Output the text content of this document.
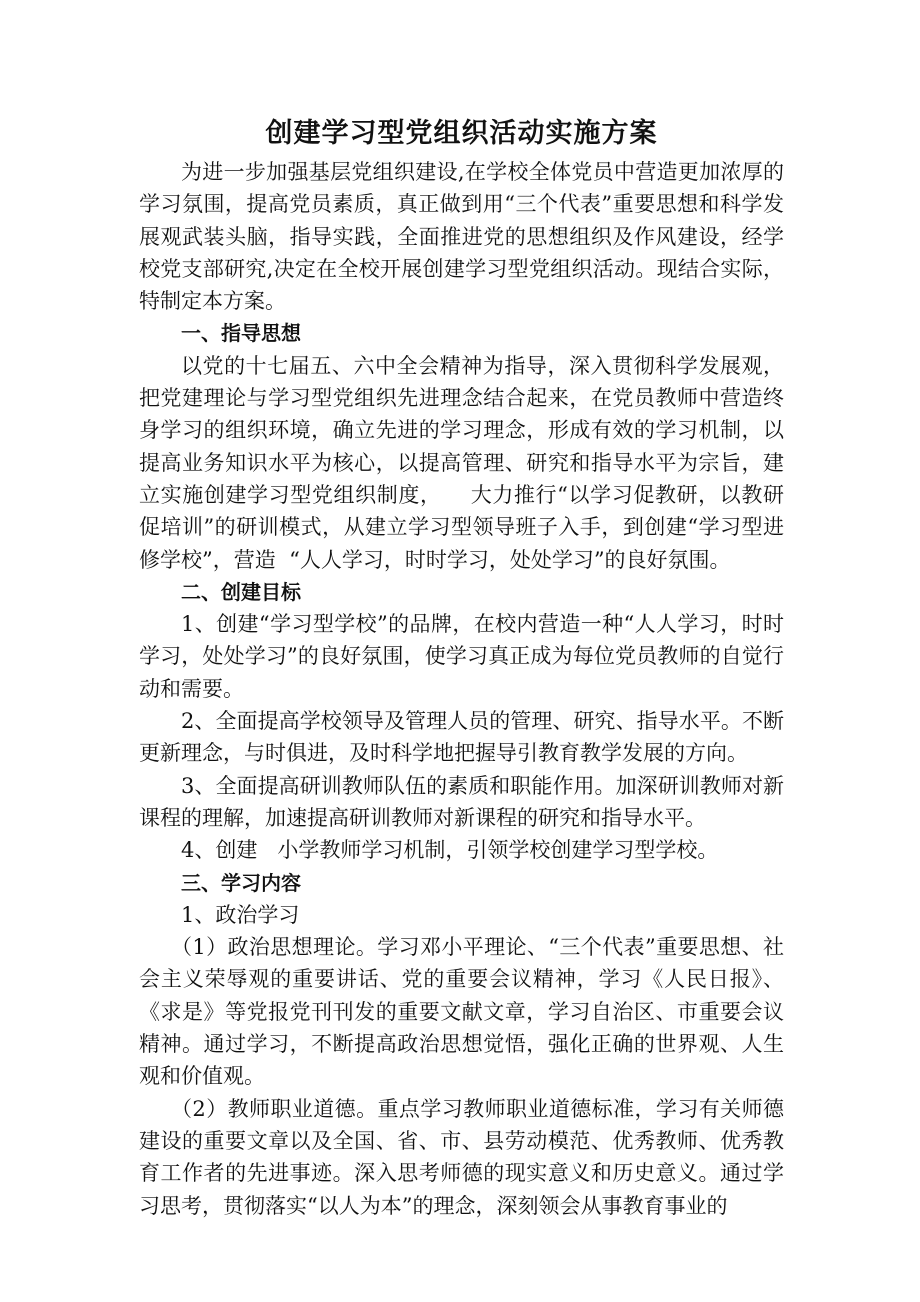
创建学习型党组织活动实施方案

为进一步加强基层党组织建设,在学校全体党员中营造更加浓厚的学习氛围，提高党员素质，真正做到用“三个代表”重要思想和科学发展观武装头脑，指导实践，全面推进党的思想组织及作风建设，经学校党支部研究,决定在全校开展创建学习型党组织活动。现结合实际，特制定本方案。

一、指导思想

以党的十七届五、六中全会精神为指导，深入贯彻科学发展观，把党建理论与学习型党组织先进理念结合起来，在党员教师中营造终身学习的组织环境，确立先进的学习理念，形成有效的学习机制，以提高业务知识水平为核心，以提高管理、研究和指导水平为宗旨，建立实施创建学习型党组织制度，    大力推行“以学习促教研，以教研促培训”的研训模式，从建立学习型领导班子入手，到创建“学习型进修学校”，营造  “人人学习，时时学习，处处学习”的良好氛围。

二、创建目标

1、创建“学习型学校”的品牌，在校内营造一种“人人学习，时时学习，处处学习”的良好氛围，使学习真正成为每位党员教师的自觉行动和需要。

2、全面提高学校领导及管理人员的管理、研究、指导水平。不断更新理念，与时俱进，及时科学地把握导引教育教学发展的方向。

3、全面提高研训教师队伍的素质和职能作用。加深研训教师对新课程的理解，加速提高研训教师对新课程的研究和指导水平。

4、创建   小学教师学习机制，引领学校创建学习型学校。

三、学习内容

1、政治学习

（1）政治思想理论。学习邓小平理论、“三个代表”重要思想、社会主义荣辱观的重要讲话、党的重要会议精神，学习《人民日报》、《求是》等党报党刊刊发的重要文献文章，学习自治区、市重要会议精神。通过学习，不断提高政治思想觉悟，强化正确的世界观、人生观和价值观。

（2）教师职业道德。重点学习教师职业道德标准，学习有关师德建设的重要文章以及全国、省、市、县劳动模范、优秀教师、优秀教育工作者的先进事迹。深入思考师德的现实意义和历史意义。通过学习思考，贯彻落实“以人为本”的理念，深刻领会从事教育事业的
